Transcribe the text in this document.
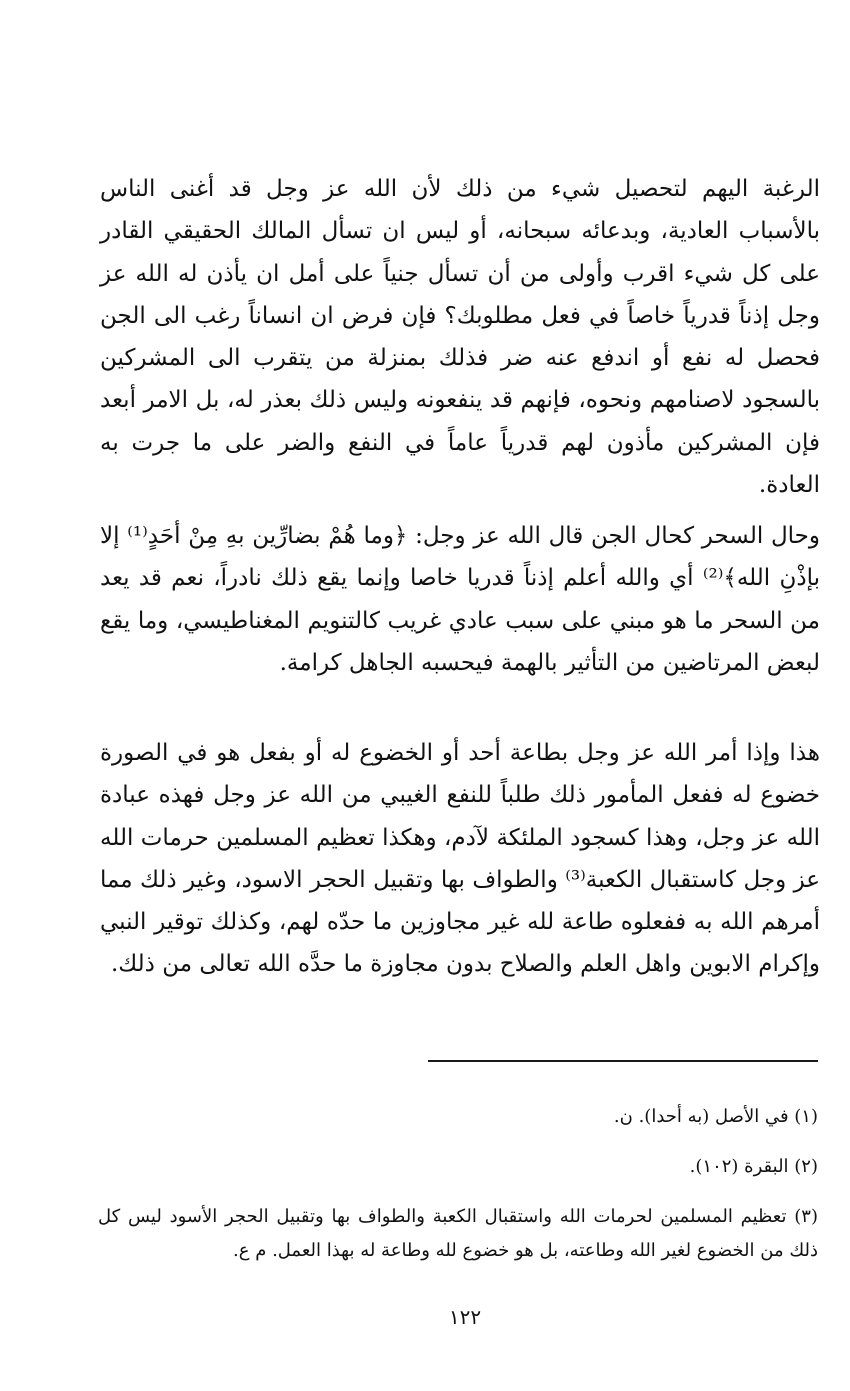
الرغبة اليهم لتحصيل شيء من ذلك لأن الله عز وجل قد أغنى الناس بالأسباب العادية، وبدعائه سبحانه، أو ليس ان تسأل المالك الحقيقي القادر على كل شيء اقرب وأولى من أن تسأل جنياً على أمل ان يأذن له الله عز وجل إذناً قدرياً خاصاً في فعل مطلوبك؟ فإن فرض ان انساناً رغب الى الجن فحصل له نفع أو اندفع عنه ضر فذلك بمنزلة من يتقرب الى المشركين بالسجود لاصنامهم ونحوه، فإنهم قد ينفعونه وليس ذلك بعذر له، بل الامر أبعد فإن المشركين مأذون لهم قدرياً عاماً في النفع والضر على ما جرت به العادة.

وحال السحر كحال الجن قال الله عز وجل: ﴿وما هُمْ بضارِّين بهِ مِنْ أحَدٍ⁽¹⁾ إلا بإذْنِ الله﴾⁽²⁾ أي والله أعلم إذناً قدريا خاصا وإنما يقع ذلك نادراً، نعم قد يعد من السحر ما هو مبني على سبب عادي غريب كالتنويم المغناطيسي، وما يقع لبعض المرتاضين من التأثير بالهمة فيحسبه الجاهل كرامة.

هذا وإذا أمر الله عز وجل بطاعة أحد أو الخضوع له أو بفعل هو في الصورة خضوع له ففعل المأمور ذلك طلباً للنفع الغيبي من الله عز وجل فهذه عبادة الله عز وجل، وهذا كسجود الملئكة لآدم، وهكذا تعظيم المسلمين حرمات الله عز وجل كاستقبال الكعبة⁽³⁾ والطواف بها وتقبيل الحجر الاسود، وغير ذلك مما أمرهم الله به ففعلوه طاعة لله غير مجاوزين ما حدّه لهم، وكذلك توقير النبي وإكرام الابوين واهل العلم والصلاح بدون مجاوزة ما حدَّه الله تعالى من ذلك.

(١) في الأصل (به أحدا). ن.

(٢) البقرة (١٠٢).

(٣) تعظيم المسلمين لحرمات الله واستقبال الكعبة والطواف بها وتقبيل الحجر الأسود ليس كل ذلك من الخضوع لغير الله وطاعته، بل هو خضوع لله وطاعة له بهذا العمل. م ع.

١٢٢
